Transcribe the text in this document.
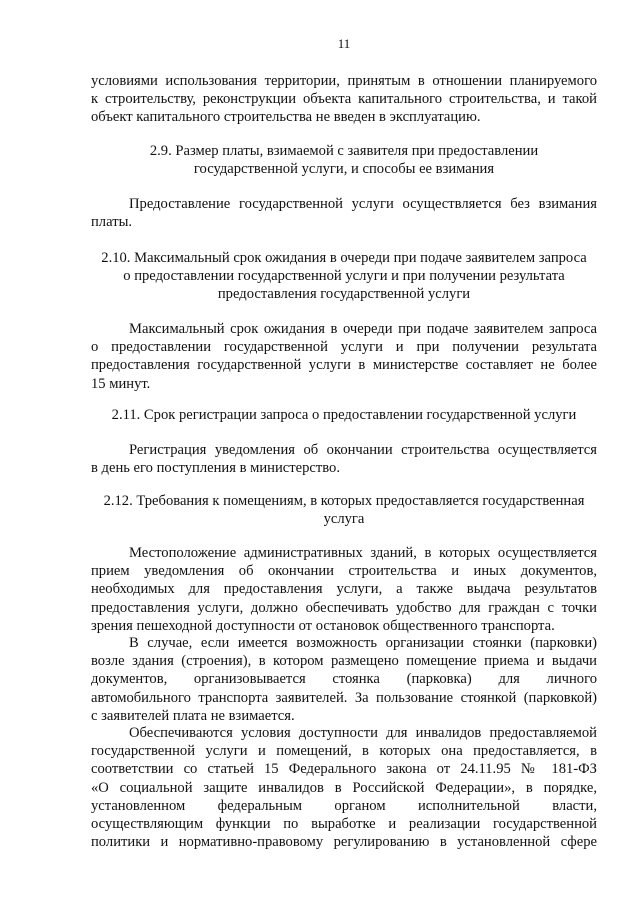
11
условиями использования территории, принятым в отношении планируемого
к строительству, реконструкции объекта капитального строительства, и такой
объект капитального строительства не введен в эксплуатацию.
2.9. Размер платы, взимаемой с заявителя при предоставлении
государственной услуги, и способы ее взимания
Предоставление государственной услуги осуществляется без взимания
платы.
2.10. Максимальный срок ожидания в очереди при подаче заявителем запроса
о предоставлении государственной услуги и при получении результата
предоставления государственной услуги
Максимальный срок ожидания в очереди при подаче заявителем запроса
о предоставлении государственной услуги и при получении результата
предоставления государственной услуги в министерстве составляет не более
15 минут.
2.11. Срок регистрации запроса о предоставлении государственной услуги
Регистрация уведомления об окончании строительства осуществляется
в день его поступления в министерство.
2.12. Требования к помещениям, в которых предоставляется государственная
услуга
Местоположение административных зданий, в которых осуществляется
прием уведомления об окончании строительства и иных документов,
необходимых для предоставления услуги, а также выдача результатов
предоставления услуги, должно обеспечивать удобство для граждан с точки
зрения пешеходной доступности от остановок общественного транспорта.
В случае, если имеется возможность организации стоянки (парковки)
возле здания (строения), в котором размещено помещение приема и выдачи
документов, организовывается стоянка (парковка) для личного
автомобильного транспорта заявителей. За пользование стоянкой (парковкой)
с заявителей плата не взимается.
Обеспечиваются условия доступности для инвалидов предоставляемой
государственной услуги и помещений, в которых она предоставляется, в
соответствии со статьей 15 Федерального закона от 24.11.95 № 181-ФЗ
«О социальной защите инвалидов в Российской Федерации», в порядке,
установленном федеральным органом исполнительной власти,
осуществляющим функции по выработке и реализации государственной
политики и нормативно-правовому регулированию в установленной сфере
